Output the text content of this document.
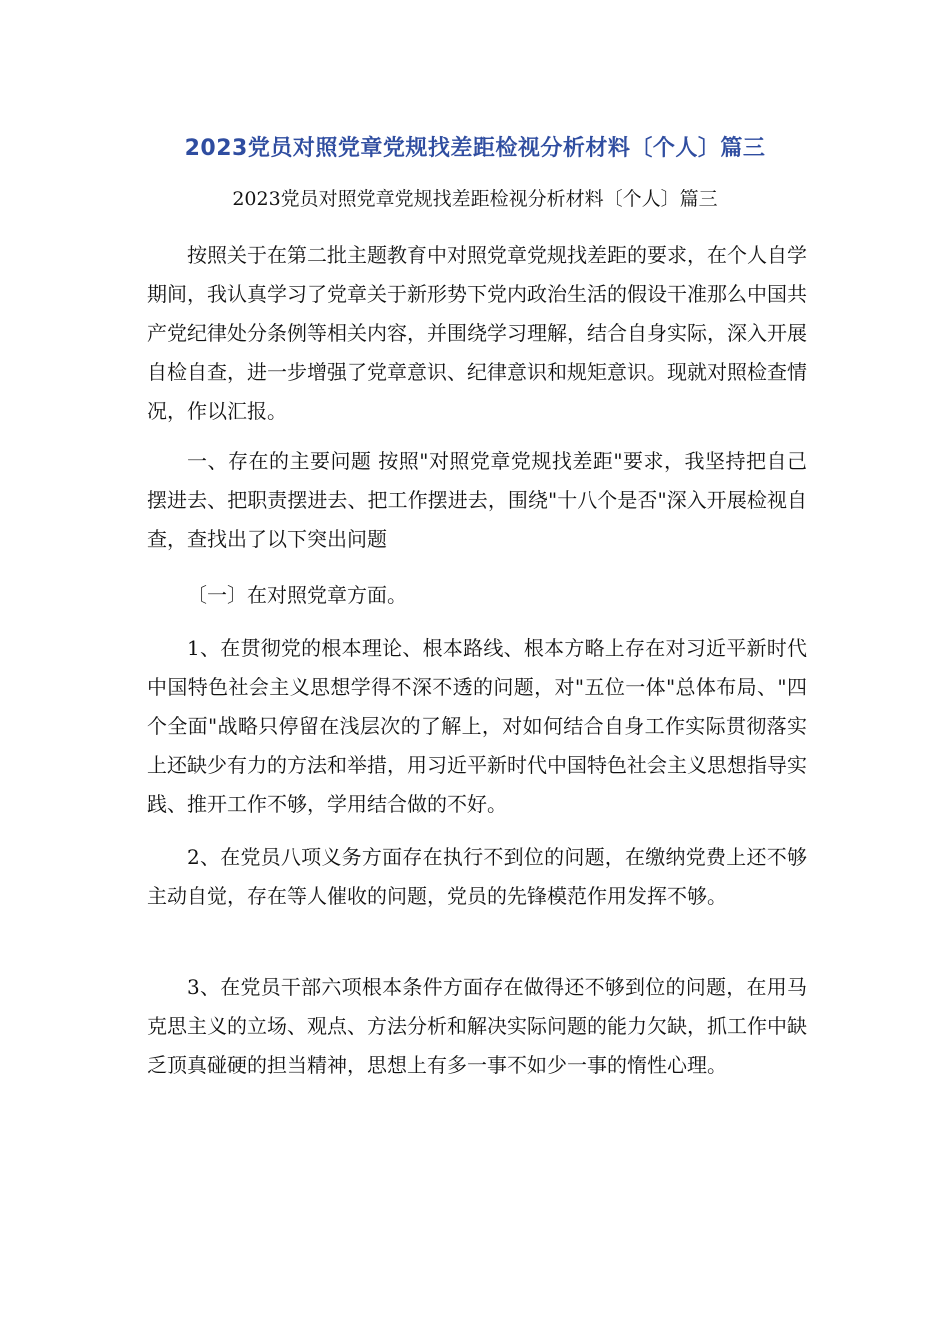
2023党员对照党章党规找差距检视分析材料〔个人〕篇三

2023党员对照党章党规找差距检视分析材料〔个人〕篇三

按照关于在第二批主题教育中对照党章党规找差距的要求，在个人自学期间，我认真学习了党章关于新形势下党内政治生活的假设干准那么中国共产党纪律处分条例等相关内容，并围绕学习理解，结合自身实际，深入开展自检自查，进一步增强了党章意识、纪律意识和规矩意识。现就对照检查情况，作以汇报。

一、存在的主要问题 按照"对照党章党规找差距"要求，我坚持把自己摆进去、把职责摆进去、把工作摆进去，围绕"十八个是否"深入开展检视自查，查找出了以下突出问题

〔一〕在对照党章方面。

1、在贯彻党的根本理论、根本路线、根本方略上存在对习近平新时代中国特色社会主义思想学得不深不透的问题，对"五位一体"总体布局、"四个全面"战略只停留在浅层次的了解上，对如何结合自身工作实际贯彻落实上还缺少有力的方法和举措，用习近平新时代中国特色社会主义思想指导实践、推开工作不够，学用结合做的不好。

2、在党员八项义务方面存在执行不到位的问题，在缴纳党费上还不够主动自觉，存在等人催收的问题，党员的先锋模范作用发挥不够。

3、在党员干部六项根本条件方面存在做得还不够到位的问题，在用马克思主义的立场、观点、方法分析和解决实际问题的能力欠缺，抓工作中缺乏顶真碰硬的担当精神，思想上有多一事不如少一事的惰性心理。
